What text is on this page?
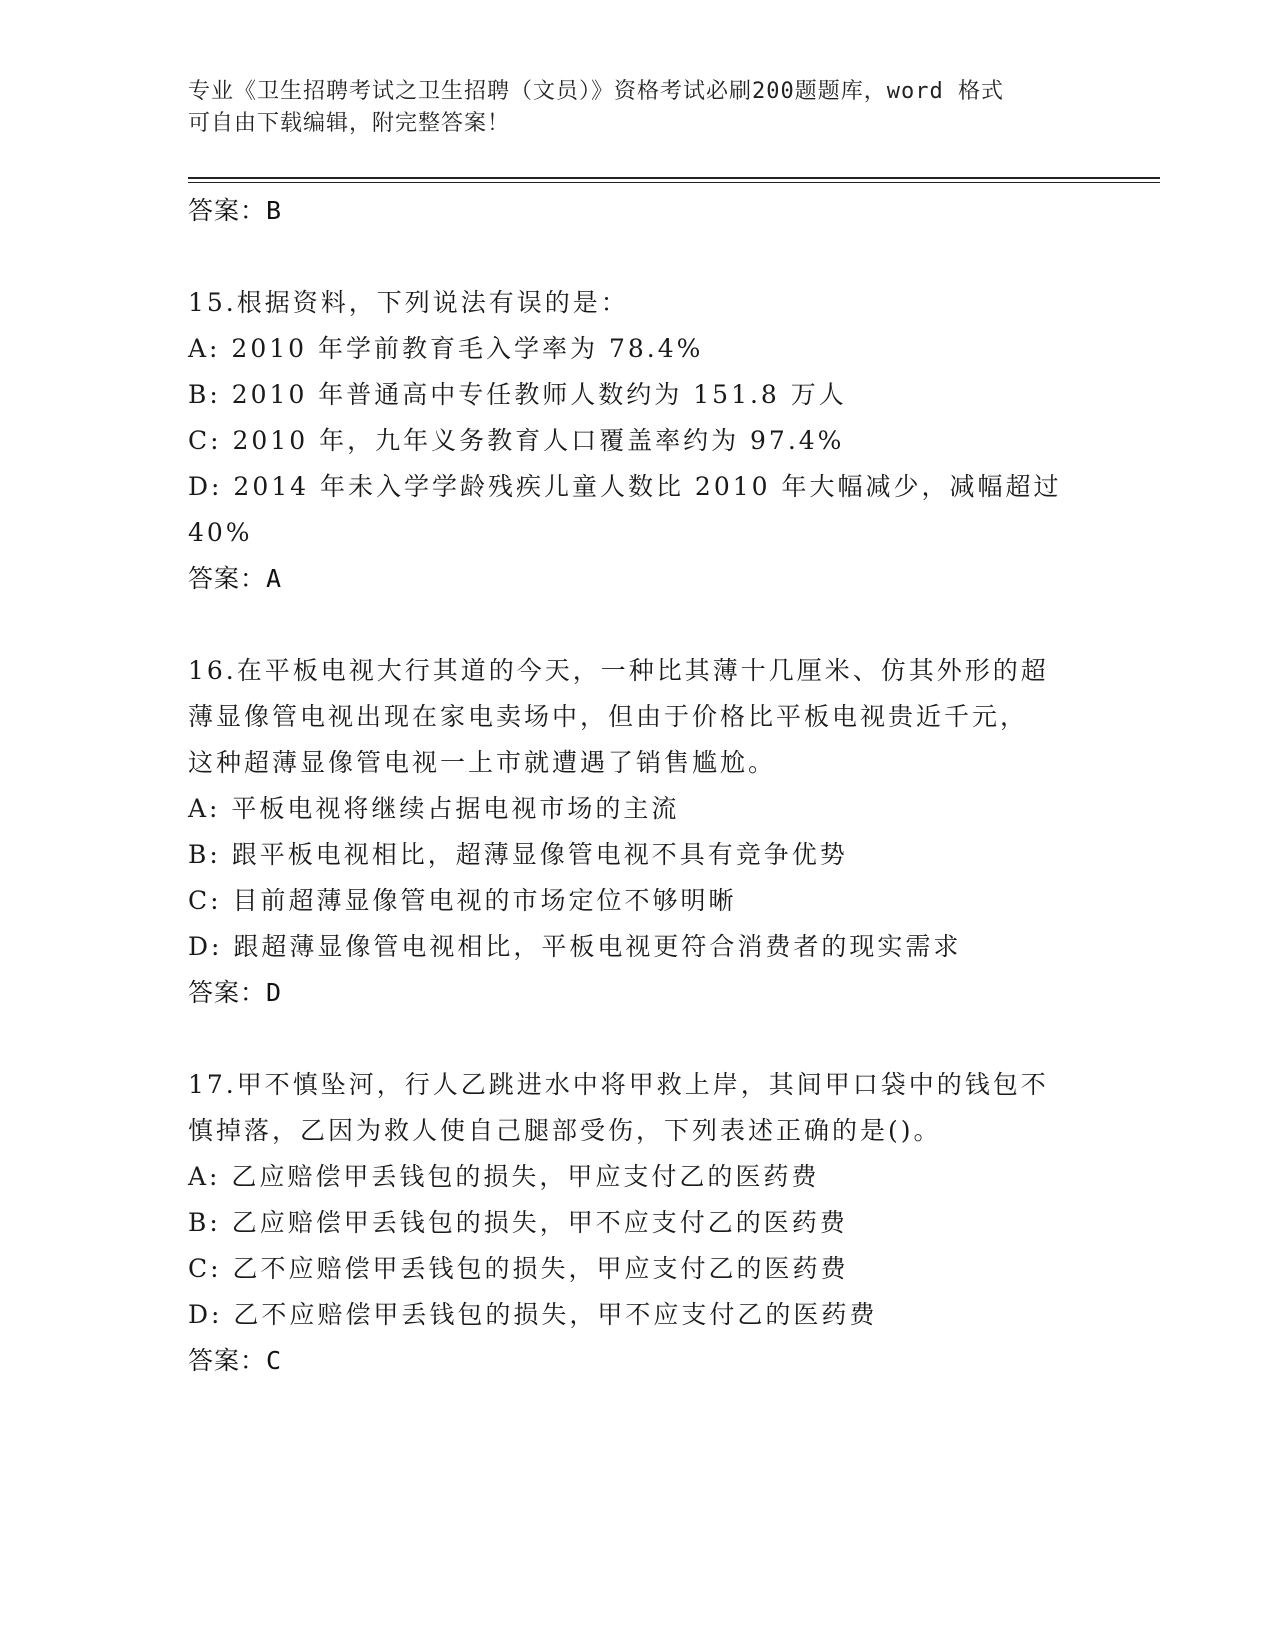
专业《卫生招聘考试之卫生招聘（文员）》资格考试必刷200题题库，word 格式
可自由下载编辑，附完整答案！
答案：B
15.根据资料，下列说法有误的是：
A: 2010 年学前教育毛入学率为 78.4%
B: 2010 年普通高中专任教师人数约为 151.8 万人
C: 2010 年，九年义务教育人口覆盖率约为 97.4%
D: 2014 年未入学学龄残疾儿童人数比 2010 年大幅减少，减幅超过
40%
答案：A
16.在平板电视大行其道的今天，一种比其薄十几厘米、仿其外形的超
薄显像管电视出现在家电卖场中，但由于价格比平板电视贵近千元，
这种超薄显像管电视一上市就遭遇了销售尴尬。
A: 平板电视将继续占据电视市场的主流
B: 跟平板电视相比，超薄显像管电视不具有竞争优势
C: 目前超薄显像管电视的市场定位不够明晰
D: 跟超薄显像管电视相比，平板电视更符合消费者的现实需求
答案：D
17.甲不慎坠河，行人乙跳进水中将甲救上岸，其间甲口袋中的钱包不
慎掉落，乙因为救人使自己腿部受伤，下列表述正确的是()。
A: 乙应赔偿甲丢钱包的损失，甲应支付乙的医药费
B: 乙应赔偿甲丢钱包的损失，甲不应支付乙的医药费
C: 乙不应赔偿甲丢钱包的损失，甲应支付乙的医药费
D: 乙不应赔偿甲丢钱包的损失，甲不应支付乙的医药费
答案：C
